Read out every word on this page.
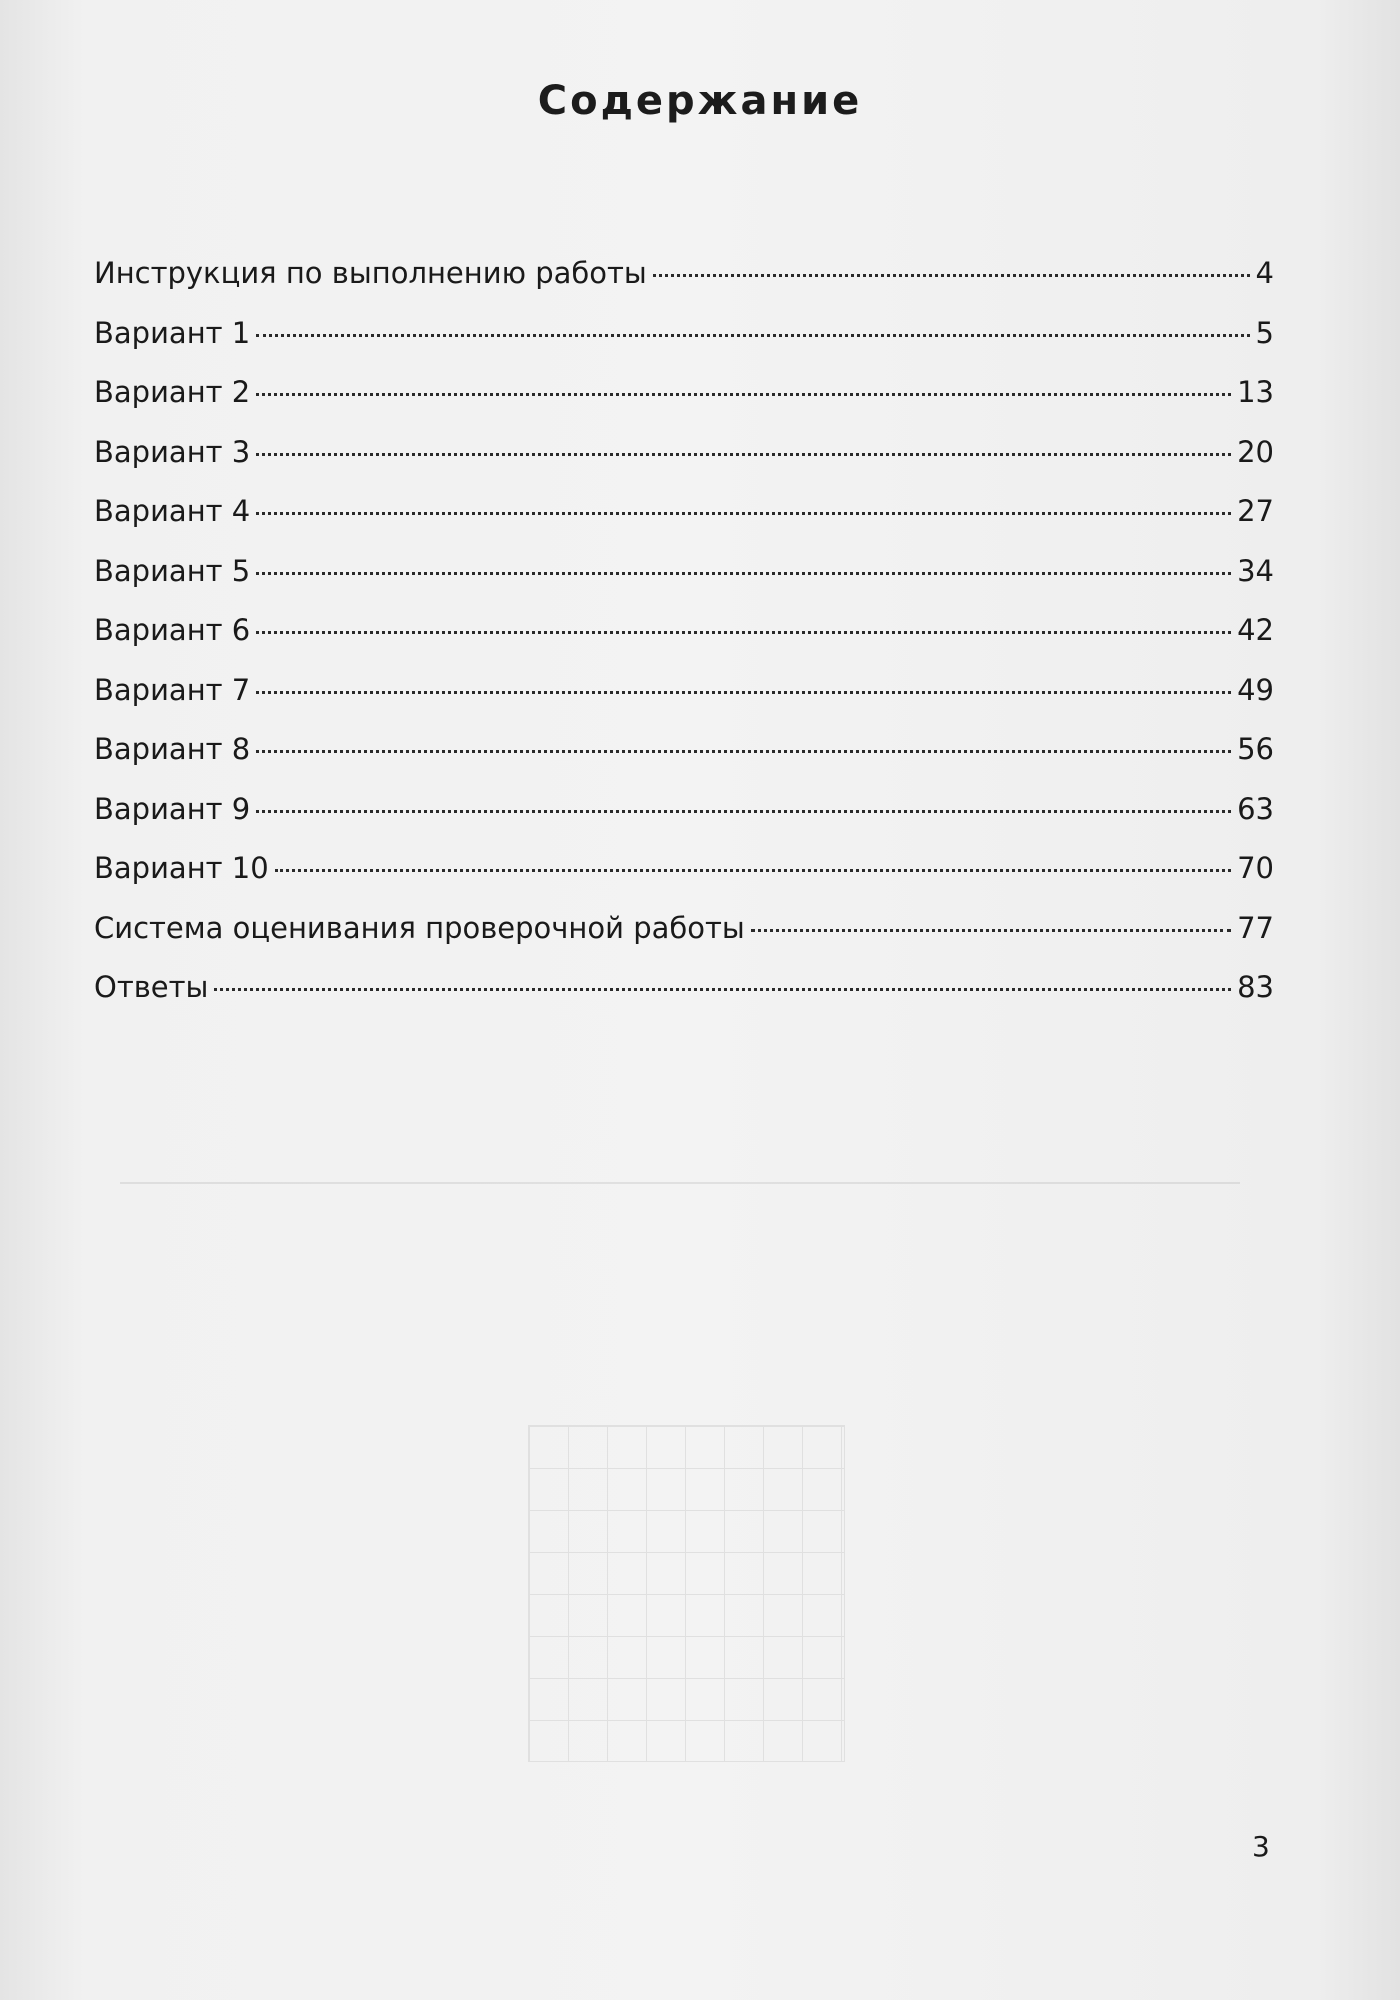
Содержание
Инструкция по выполнению работы	4
Вариант 1	5
Вариант 2	13
Вариант 3	20
Вариант 4	27
Вариант 5	34
Вариант 6	42
Вариант 7	49
Вариант 8	56
Вариант 9	63
Вариант 10	70
Система оценивания проверочной работы	77
Ответы	83
3
